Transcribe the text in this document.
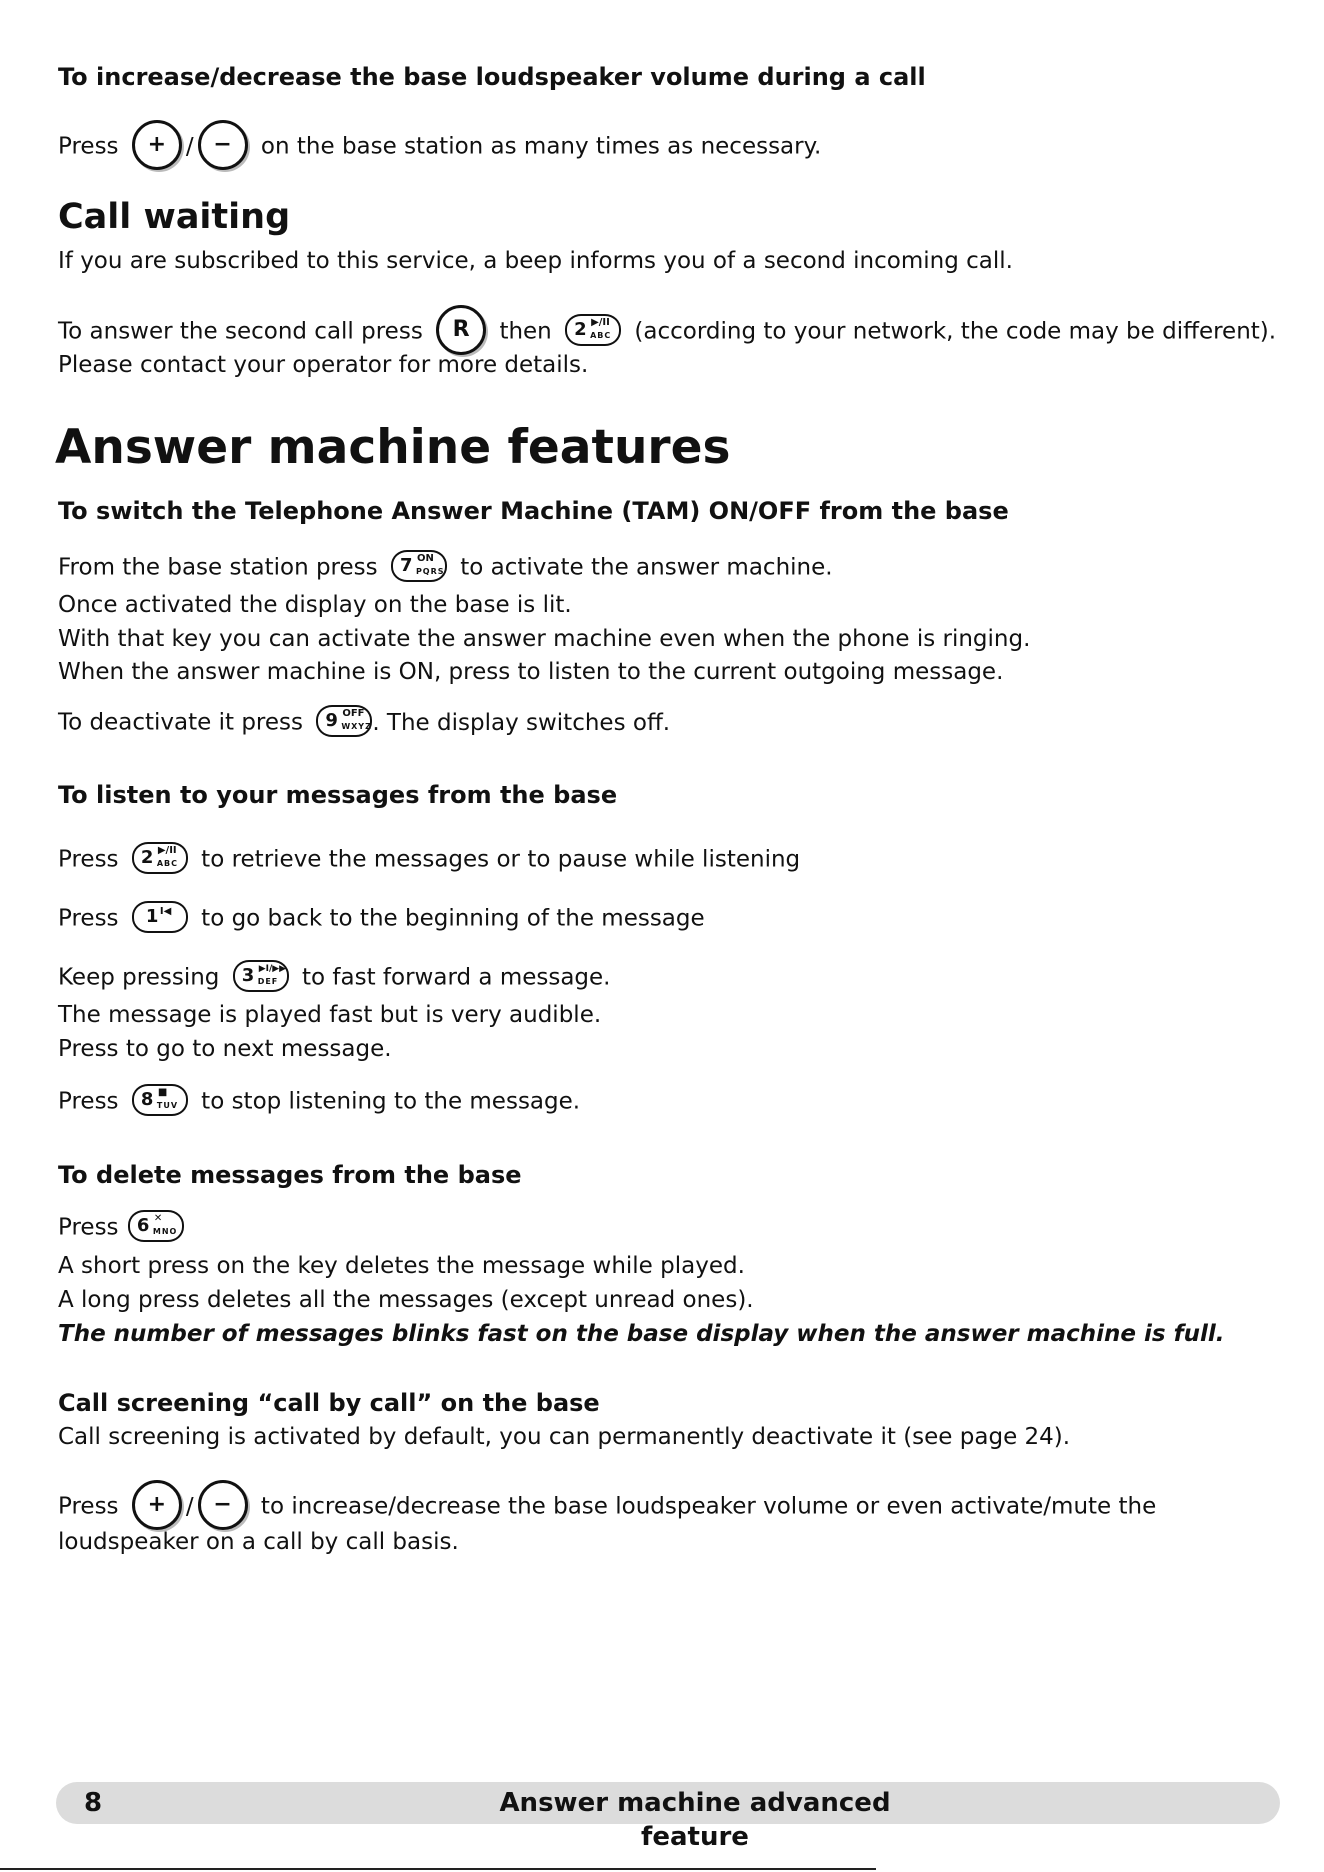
To increase/decrease the base loudspeaker volume during a call
Press	+ / −	on the base station as many times as necessary.
Call waiting
If you are subscribed to this service, a beep informs you of a second incoming call.
To answer the second call press	R	then 2 ▶/II
ABC (according to your network, the code may be different).
Please contact your operator for more details.
Answer machine features
To switch the Telephone Answer Machine (TAM) ON/OFF from the base
From the base station press 7 ON
PQRS to activate the answer machine.
Once activated the display on the base is lit.
With that key you can activate the answer machine even when the phone is ringing.
When the answer machine is ON, press to listen to the current outgoing message.
To deactivate it press 9 OFF
WXYZ . The display switches off.
To listen to your messages from the base
Press 2 ▶/II
ABC to retrieve the messages or to pause while listening
Press 1 I◀ to go back to the beginning of the message
Keep pressing 3 ▶I/▶▶
DEF to fast forward a message.
The message is played fast but is very audible.
Press to go to next message.
Press 8 ■
TUV to stop listening to the message.
To delete messages from the base
Press 6 ✕
MNO
A short press on the key deletes the message while played.
A long press deletes all the messages (except unread ones).
The number of messages blinks fast on the base display when the answer machine is full.
Call screening “call by call” on the base
Call screening is activated by default, you can permanently deactivate it (see page 24).
Press	+ / −	to increase/decrease the base loudspeaker volume or even activate/mute the
loudspeaker on a call by call basis.
8	Answer machine advanced feature
